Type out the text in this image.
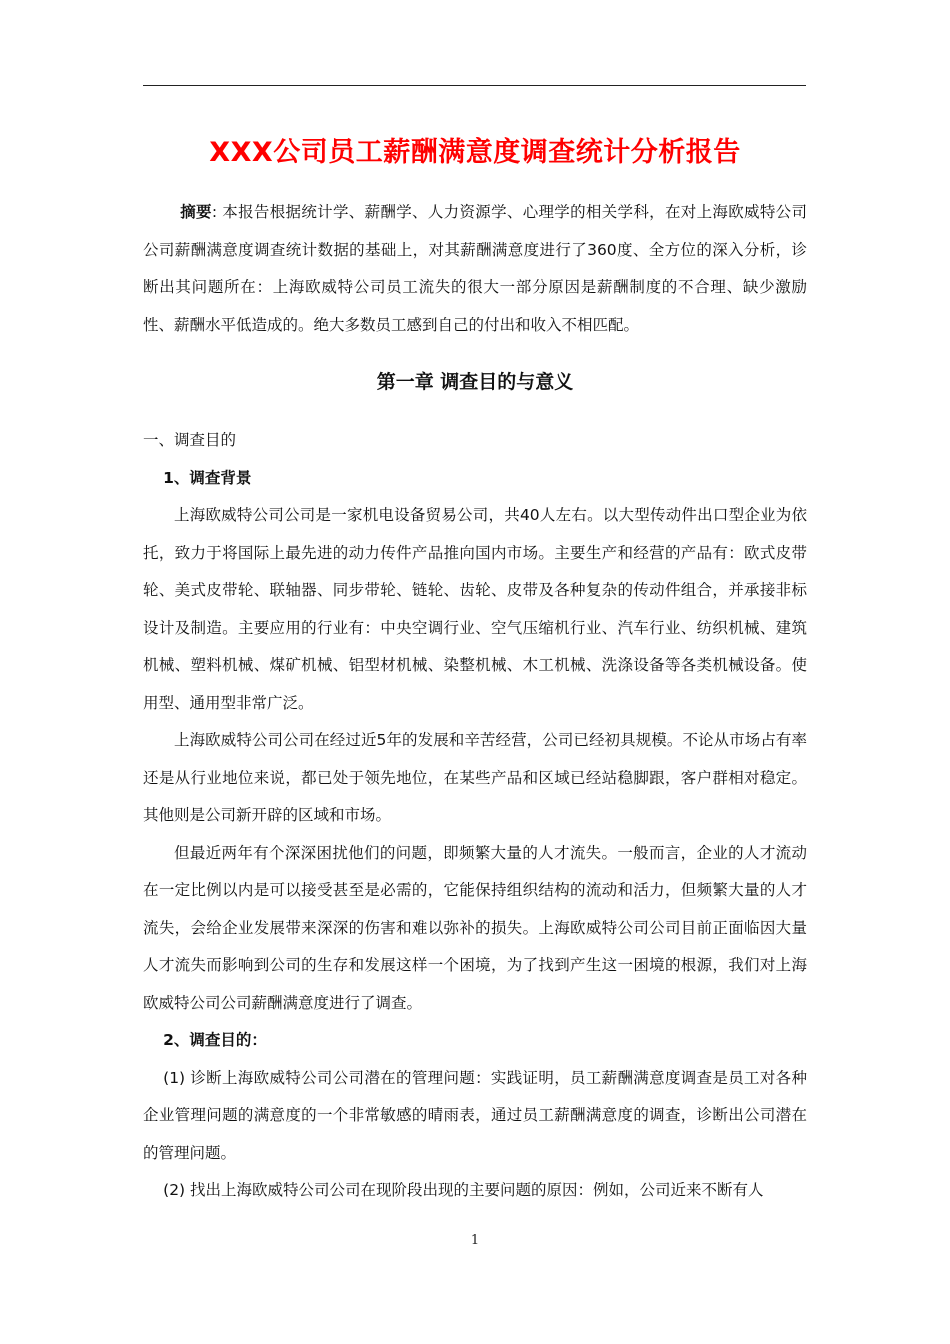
XXX公司员工薪酬满意度调查统计分析报告

摘要: 本报告根据统计学、薪酬学、人力资源学、心理学的相关学科，在对上海欧威特公司公司薪酬满意度调查统计数据的基础上，对其薪酬满意度进行了360度、全方位的深入分析，诊断出其问题所在：上海欧威特公司员工流失的很大一部分原因是薪酬制度的不合理、缺少激励性、薪酬水平低造成的。绝大多数员工感到自己的付出和收入不相匹配。

第一章 调查目的与意义

一、调查目的

1、调查背景

上海欧威特公司公司是一家机电设备贸易公司，共40人左右。以大型传动件出口型企业为依托，致力于将国际上最先进的动力传件产品推向国内市场。主要生产和经营的产品有：欧式皮带轮、美式皮带轮、联轴器、同步带轮、链轮、齿轮、皮带及各种复杂的传动件组合，并承接非标设计及制造。主要应用的行业有：中央空调行业、空气压缩机行业、汽车行业、纺织机械、建筑机械、塑料机械、煤矿机械、铝型材机械、染整机械、木工机械、洗涤设备等各类机械设备。使用型、通用型非常广泛。

上海欧威特公司公司在经过近5年的发展和辛苦经营，公司已经初具规模。不论从市场占有率还是从行业地位来说，都已处于领先地位，在某些产品和区域已经站稳脚跟，客户群相对稳定。其他则是公司新开辟的区域和市场。

但最近两年有个深深困扰他们的问题，即频繁大量的人才流失。一般而言，企业的人才流动在一定比例以内是可以接受甚至是必需的，它能保持组织结构的流动和活力，但频繁大量的人才流失，会给企业发展带来深深的伤害和难以弥补的损失。上海欧威特公司公司目前正面临因大量人才流失而影响到公司的生存和发展这样一个困境，为了找到产生这一困境的根源，我们对上海欧威特公司公司薪酬满意度进行了调查。

2、调查目的：

(1) 诊断上海欧威特公司公司潜在的管理问题：实践证明，员工薪酬满意度调查是员工对各种企业管理问题的满意度的一个非常敏感的晴雨表，通过员工薪酬满意度的调查，诊断出公司潜在的管理问题。

(2) 找出上海欧威特公司公司在现阶段出现的主要问题的原因：例如，公司近来不断有人

1
